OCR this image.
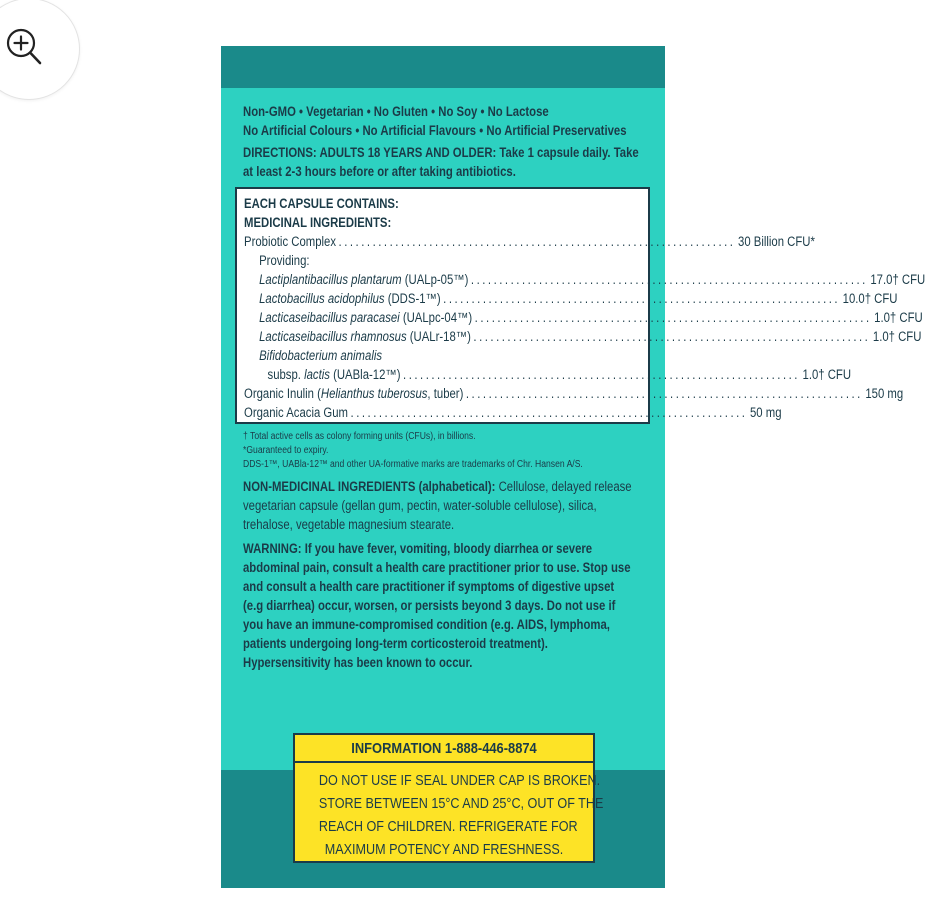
Non-GMO • Vegetarian • No Gluten • No Soy • No Lactose
No Artificial Colours • No Artificial Flavours • No Artificial Preservatives
DIRECTIONS: ADULTS 18 YEARS AND OLDER: Take 1 capsule daily. Take
at least 2-3 hours before or after taking antibiotics.
EACH CAPSULE CONTAINS:
MEDICINAL INGREDIENTS:
Probiotic Complex ...................................................................... 30 Billion CFU*
Providing:
Lactiplantibacillus plantarum (UALp-05™) ...................................................................... 17.0† CFU
Lactobacillus acidophilus (DDS-1™) ...................................................................... 10.0† CFU
Lacticaseibacillus paracasei (UALpc-04™) ...................................................................... 1.0† CFU
Lacticaseibacillus rhamnosus (UALr-18™) ...................................................................... 1.0† CFU
Bifidobacterium animalis
subsp. lactis (UABla-12™) ...................................................................... 1.0† CFU
Organic Inulin (Helianthus tuberosus, tuber) ...................................................................... 150 mg
Organic Acacia Gum ...................................................................... 50 mg
† Total active cells as colony forming units (CFUs), in billions.
*Guaranteed to expiry.
DDS-1™, UABla-12™ and other UA-formative marks are trademarks of Chr. Hansen A/S.
NON-MEDICINAL INGREDIENTS (alphabetical): Cellulose, delayed release
vegetarian capsule (gellan gum, pectin, water-soluble cellulose), silica,
trehalose, vegetable magnesium stearate.
WARNING: If you have fever, vomiting, bloody diarrhea or severe
abdominal pain, consult a health care practitioner prior to use. Stop use
and consult a health care practitioner if symptoms of digestive upset
(e.g diarrhea) occur, worsen, or persists beyond 3 days. Do not use if
you have an immune-compromised condition (e.g. AIDS, lymphoma,
patients undergoing long-term corticosteroid treatment).
Hypersensitivity has been known to occur.
INFORMATION 1-888-446-8874
DO NOT USE IF SEAL UNDER CAP IS BROKEN.
STORE BETWEEN 15°C AND 25°C, OUT OF THE
REACH OF CHILDREN. REFRIGERATE FOR
MAXIMUM POTENCY AND FRESHNESS.
